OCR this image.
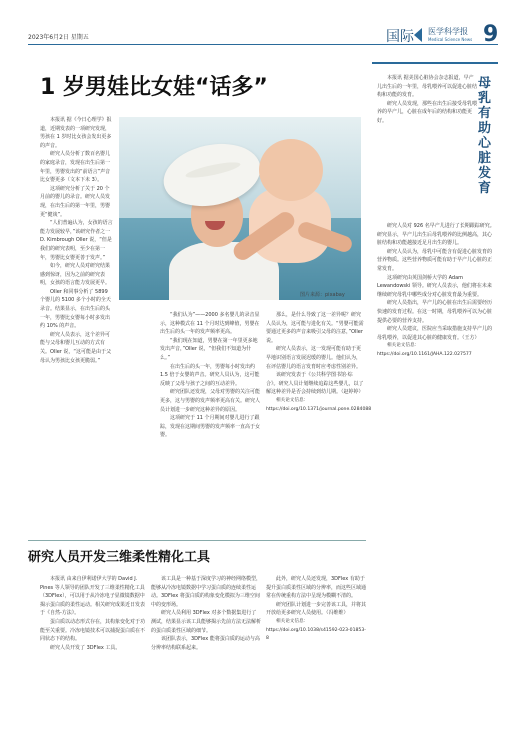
2023年6月2日 星期五	国际 医学科学报
Medical Science News 9
1 岁男娃比女娃“话多”

本报讯 据《今日心理学》报道，近期发表的一项研究发现，男孩在 1 岁时比女孩会发出更多的声音。

研究人员分析了数百名婴儿的家庭录音，发现在出生后第一年里，男婴发出的“前语言”声音比女婴更多（文本下未 3）。

这项研究分析了关于 20 个月前的婴儿的录音。研究人员发现，在出生后的第一年里，男婴更“健谈”。

“人们普遍认为，女孩的语言能力发展较早，”该研究作者之一 D. Kimbrough Oller 说，“但是我们的研究表明，至少在第一年，男婴比女婴更善于发声。”

如今，研究人员对研究结果感到惊讶，因为之前的研究表明，女孩的语言能力发展更早。

Oller 和同事分析了 5899 个婴儿的 5100 多个小时的全天录音。结果显示，在出生后的头一年，男婴比女婴每小时多发出约 10% 的声音。

研究人员表示，这个差异可能与父母和婴儿互动的方式有关。Oller 说，“这可能是由于父母认为男孩比女孩更脆弱。”

图片来源：pixabay

“我们认为”——2000 多名婴儿的录音显示，这种模式在 11 个月时达到峰值，男婴在出生后的头一年的发声频率更高。

“我们现在知道，男婴在第一年里更多地发出声音，”Oller 说，“但我们不知道为什么。”

在出生后的头一年，男婴每小时发出约 1.5 倍于女婴的声音。研究人员认为，这可能反映了父母与孩子之间的互动差异。

研究团队还发现，父母对男婴的关注可能更多，这与男婴的发声频率更高有关。研究人员计划进一步研究这种差异的原因。

这项研究于 11 个月期间对婴儿进行了跟踪，发现在这期间男婴的发声频率一直高于女婴。

那么，是什么导致了这一差异呢？研究人员认为，这可能与进化有关。“男婴可能需要通过更多的声音来吸引父母的注意，”Oller 说。

研究人员表示，这一发现可能有助于更早地识别语言发展迟缓的婴儿。他们认为，在评估婴儿的语言发育时应考虑性别差异。

该研究发表于《公共科学图书馆·综合》。研究人员计划继续追踪这些婴儿，以了解这种差异是否会持续到幼儿期。（赵婷婷）

相关论文信息：https://doi.org/10.1371/journal.pone.0284088

研究人员开发三维柔性精化工具

本报讯 由来自伊利诺伊大学的 David J. Pines 等人领导的团队开发了三维柔性精化工具（3DFlex），可以用于从冷冻电子显微镜数据中揭示蛋白质的柔性运动。相关研究成果近日发表于《自然-方法》。

蛋白质以动态形式存在，其构象变化对于功能至关重要。冷冻电镜技术可以捕捉蛋白质在不同状态下的结构。

研究人员开发了 3DFlex 工具。

该工具是一种基于深度学习的神经网络模型，能够从冷冻电镜数据中学习蛋白质的连续柔性运动。3DFlex 将蛋白质的构象变化模拟为三维空间中的变形场。

研究人员利用 3DFlex 对多个数据集进行了测试，结果显示该工具能够揭示先前方法无法解析的蛋白质柔性区域的细节。

该团队表示，3DFlex 能将蛋白质的运动与高分辨率结构联系起来。

此外，研究人员还发现，3DFlex 有助于提升蛋白质柔性区域的分辨率，而这些区域通常在传统重构方法中呈现为模糊不清的。

研究团队计划进一步完善该工具，并将其开放给更多研究人员使用。（冯维维）

相关论文信息：https://doi.org/10.1038/s41592-023-01853-8

母乳有助心脏发育

本报讯 据美国心脏协会杂志报道，早产儿出生后的一年里，母乳喂养可以促进心脏结构和功能的发育。

研究人员发现，那些在出生后接受母乳喂养的早产儿，心脏在成年后的结构和功能更好。

研究人员对 926 名早产儿进行了长期跟踪研究。研究显示，早产儿出生后母乳喂养的比例越高，其心脏结构和功能越接近足月出生的婴儿。

研究人员认为，母乳中可能含有促进心脏发育的营养物质。这些营养物质可能有助于早产儿心脏的正常发育。

这项研究由英国剑桥大学的 Adam Lewandowski 领导。研究人员表示，他们将在未来继续研究母乳中哪些成分对心脏发育最为重要。

研究人员指出，早产儿的心脏在出生后需要经历快速的发育过程。在这一时期，母乳喂养可以为心脏提供必要的营养支持。

研究人员建议，医院应当采取措施支持早产儿的母乳喂养，以促进其心脏的健康发育。（王方）

相关论文信息：https://doi.org/10.1161/JAHA.122.027577
